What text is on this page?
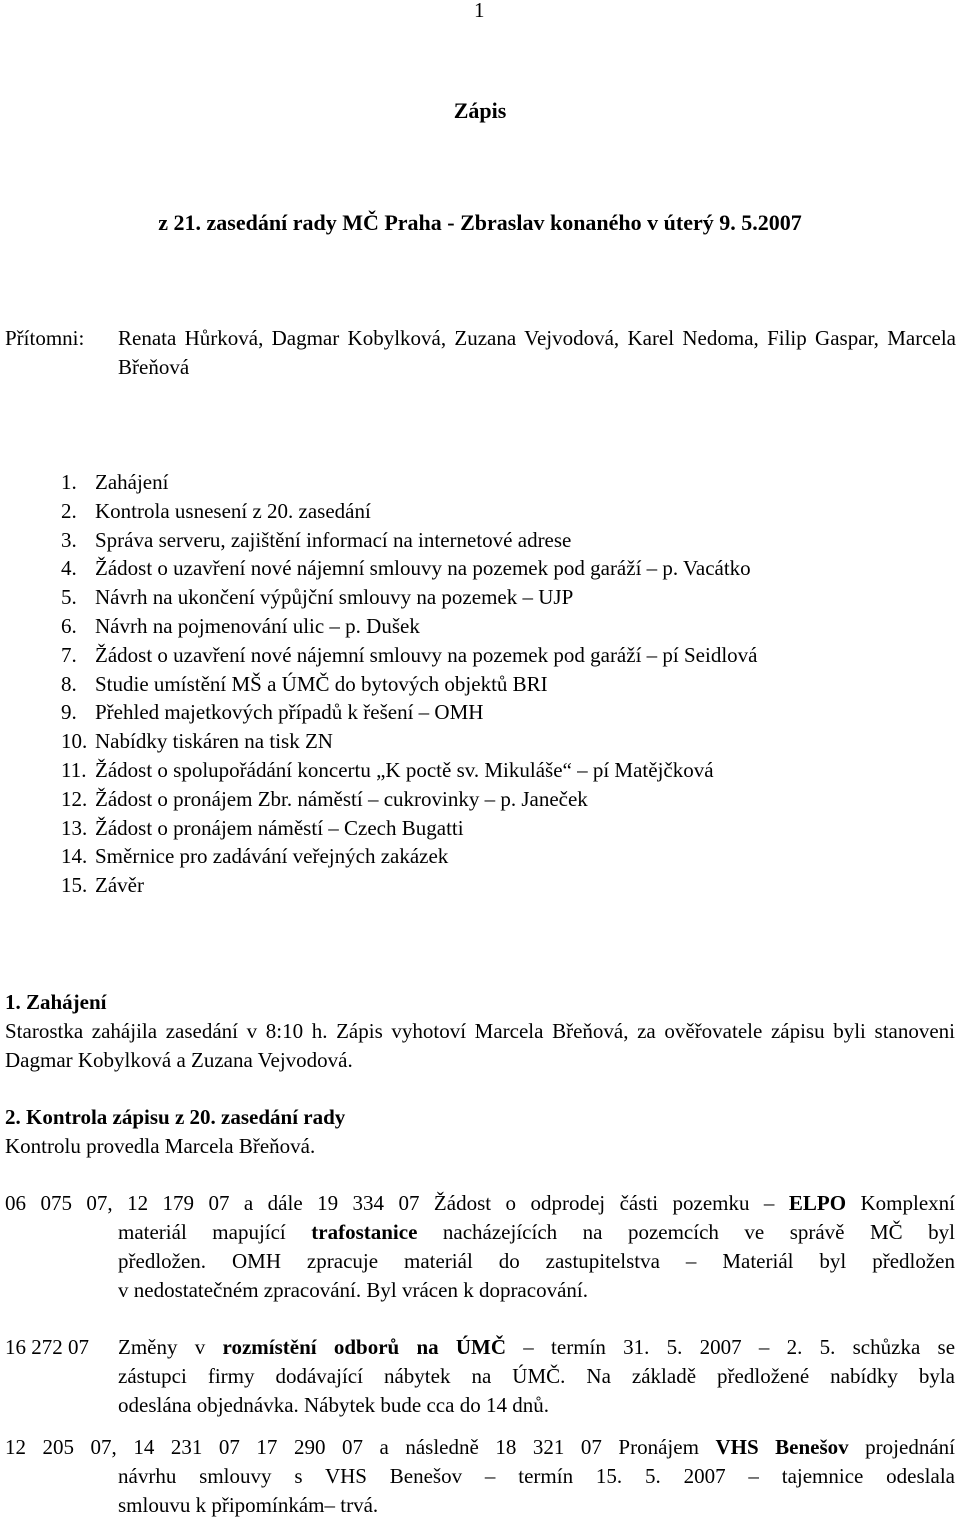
1
Zápis
z 21. zasedání rady MČ Praha - Zbraslav konaného v úterý 9. 5.2007
Přítomni: Renata Hůrková, Dagmar Kobylková, Zuzana Vejvodová, Karel Nedoma, Filip Gaspar, Marcela Břeňová
1. Zahájení
2. Kontrola usnesení z 20. zasedání
3. Správa serveru, zajištění informací na internetové adrese
4. Žádost o uzavření nové nájemní smlouvy na pozemek pod garáží – p. Vacátko
5. Návrh na ukončení výpůjční smlouvy na pozemek – UJP
6. Návrh na pojmenování ulic – p. Dušek
7. Žádost o uzavření nové nájemní smlouvy na pozemek pod garáží – pí Seidlová
8. Studie umístění MŠ a ÚMČ do bytových objektů BRI
9. Přehled majetkových případů k řešení – OMH
10. Nabídky tiskáren na tisk ZN
11. Žádost o spolupořádání koncertu „K poctě sv. Mikuláše“ – pí Matějčková
12. Žádost o pronájem Zbr. náměstí – cukrovinky – p. Janeček
13. Žádost o pronájem náměstí – Czech Bugatti
14. Směrnice pro zadávání veřejných zakázek
15. Závěr
1. Zahájení
Starostka zahájila zasedání v 8:10 h. Zápis vyhotoví Marcela Břeňová, za ověřovatele zápisu byli stanoveni Dagmar Kobylková a Zuzana Vejvodová.
2. Kontrola zápisu z 20. zasedání rady
Kontrolu provedla Marcela Břeňová.
06 075 07, 12 179 07 a dále 19 334 07 Žádost o odprodej části pozemku – ELPO Komplexní
materiál mapující trafostanice nacházejících na pozemcích ve správě MČ byl
předložen. OMH zpracuje materiál do zastupitelstva – Materiál byl předložen
v nedostatečném zpracování. Byl vrácen k dopracování.
16 272 07	Změny v rozmístění odborů na ÚMČ – termín 31. 5. 2007 – 2. 5. schůzka se
zástupci firmy dodávající nábytek na ÚMČ. Na základě předložené nabídky byla
odeslána objednávka. Nábytek bude cca do 14 dnů.
12 205 07, 14 231 07 17 290 07 a následně 18 321 07 Pronájem VHS Benešov projednání
návrhu smlouvy s VHS Benešov – termín 15. 5. 2007 – tajemnice odeslala
smlouvu k připomínkám– trvá.
